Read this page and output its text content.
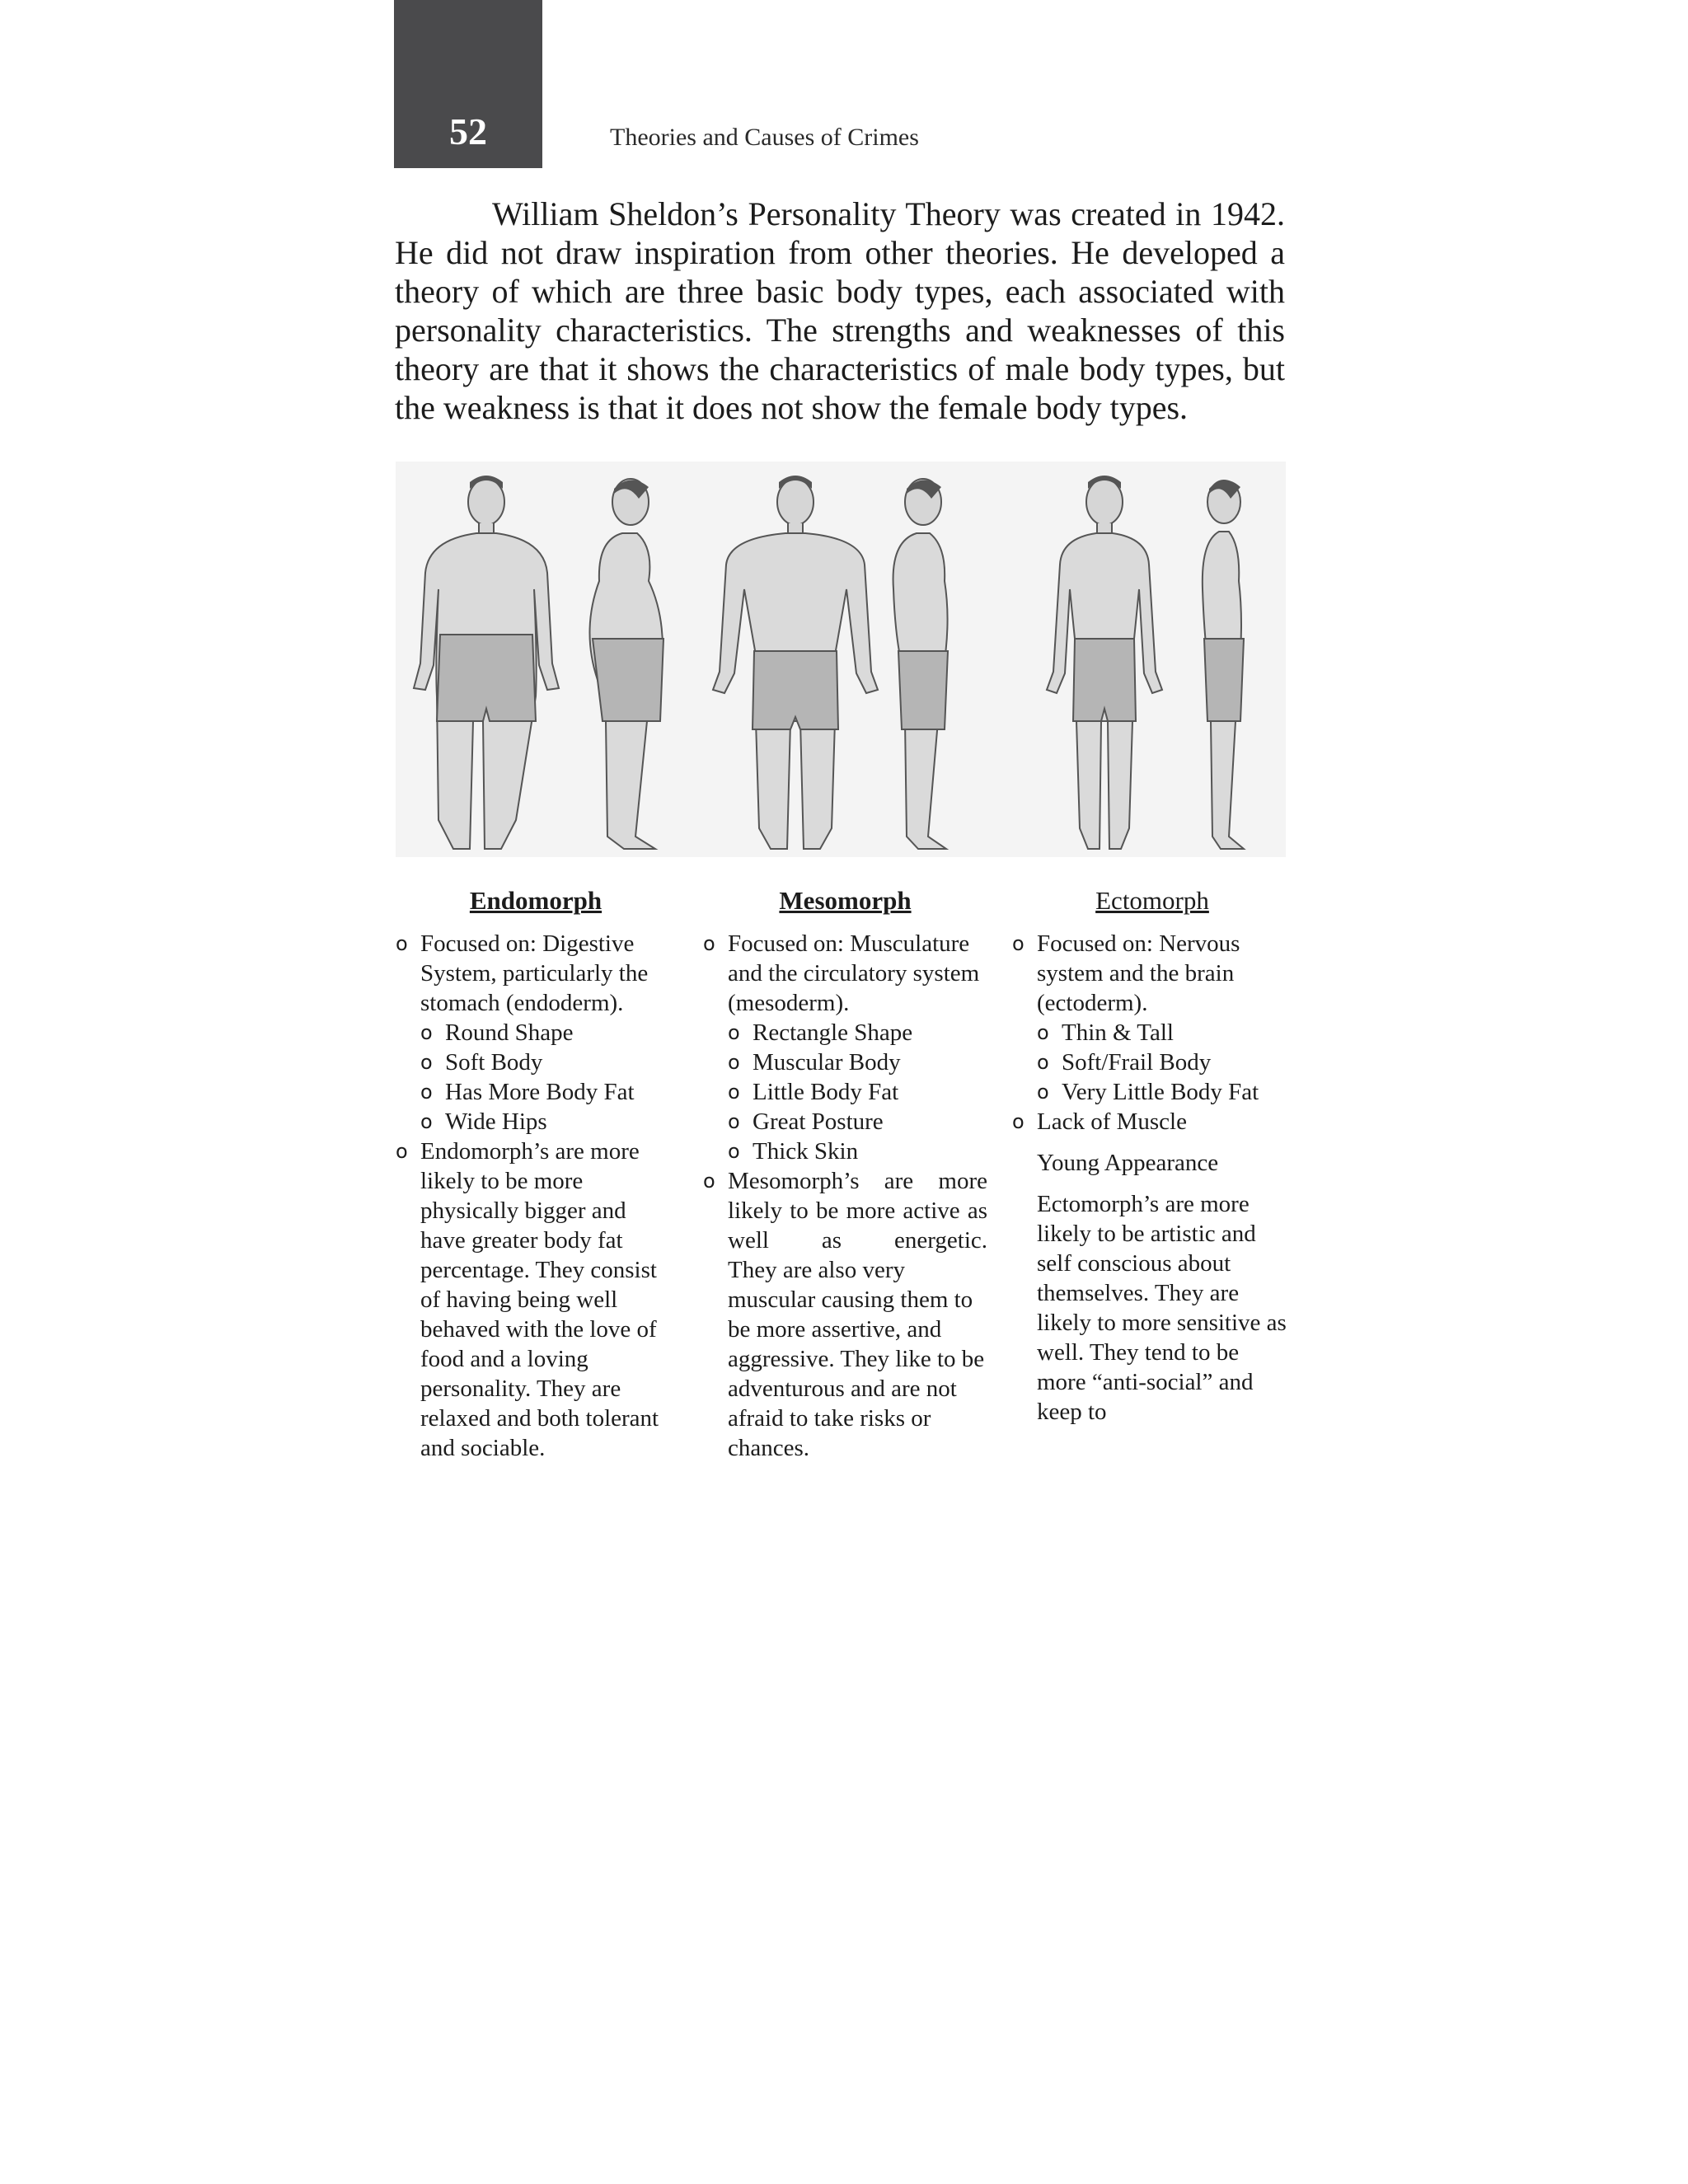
52	Theories and Causes of Crimes

William Sheldon’s Personality Theory was created in 1942. He did not draw inspiration from other theories. He developed a theory of which are three basic body types, each associated with personality characteristics. The strengths and weaknesses of this theory are that it shows the characteristics of male body types, but the weakness is that it does not show the female body types.

Endomorph
o Focused on: Digestive System, particularly the stomach (endoderm).
o Round Shape
o Soft Body
o Has More Body Fat
o Wide Hips
o Endomorph’s are more likely to be more physically bigger and have greater body fat percentage. They consist of having being well behaved with the love of food and a loving personality. They are relaxed and both tolerant and sociable.
Mesomorph
o Focused on: Musculature and the circulatory system (mesoderm).
o Rectangle Shape
o Muscular Body
o Little Body Fat
o Great Posture
o Thick Skin
o Mesomorph’s are more likely to be more active as well as energetic.
They are also very muscular causing them to be more assertive, and aggressive. They like to be adventurous and are not afraid to take risks or chances.
Ectomorph
o Focused on: Nervous system and the brain (ectoderm).
o Thin & Tall
o Soft/Frail Body
o Very Little Body Fat
o Lack of Muscle
Young Appearance
Ectomorph’s are more likely to be artistic and self conscious about themselves. They are likely to more sensitive as well. They tend to be more “anti-social” and keep to
